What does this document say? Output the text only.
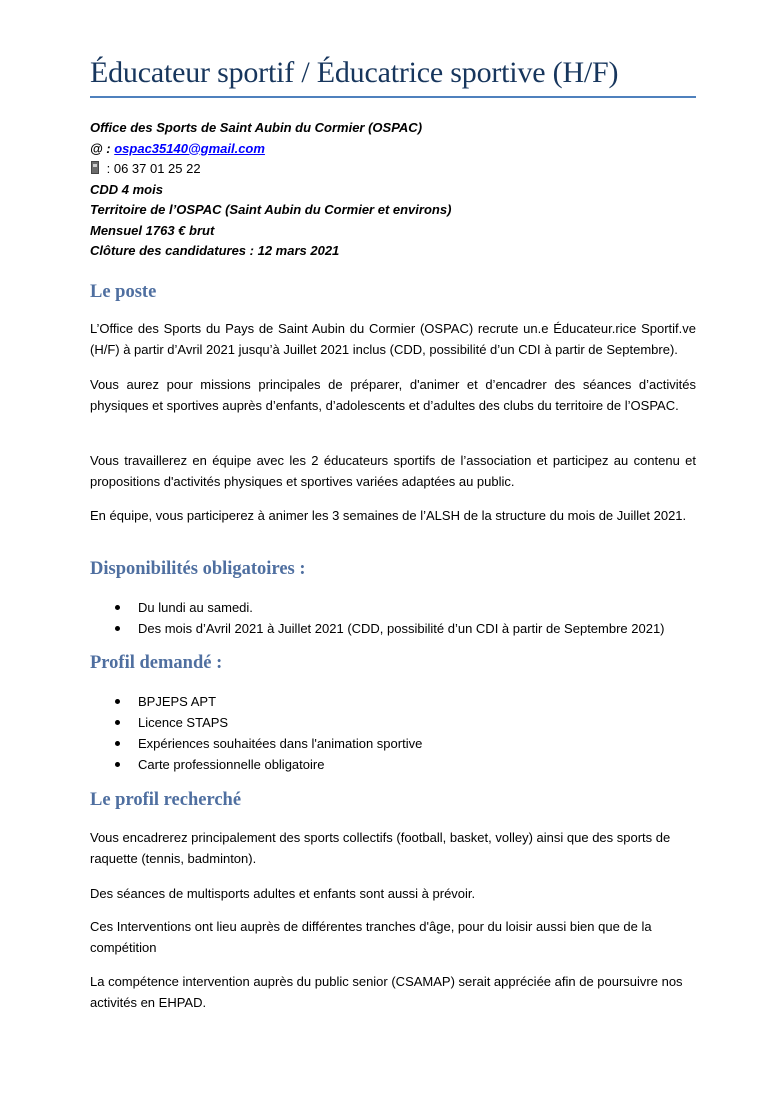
Éducateur sportif / Éducatrice sportive (H/F)
Office des Sports de Saint Aubin du Cormier (OSPAC)
@ : ospac35140@gmail.com
: 06 37 01 25 22
CDD 4 mois
Territoire de l’OSPAC (Saint Aubin du Cormier et environs)
Mensuel 1763 € brut
Clôture des candidatures : 12 mars 2021
Le poste

L’Office des Sports du Pays de Saint Aubin du Cormier (OSPAC) recrute un.e Éducateur.rice Sportif.ve (H/F) à partir d’Avril 2021 jusqu’à Juillet 2021 inclus (CDD, possibilité d’un CDI à partir de Septembre).

Vous aurez pour missions principales de préparer, d'animer et d’encadrer des séances d’activités physiques et sportives auprès d’enfants, d’adolescents et d’adultes des clubs du territoire de l’OSPAC.

Vous travaillerez en équipe avec les 2 éducateurs sportifs de l’association et participez au contenu et propositions d'activités physiques et sportives variées adaptées au public.

En équipe, vous participerez à animer les 3 semaines de l’ALSH de la structure du mois de Juillet 2021.

Disponibilités obligatoires :
Du lundi au samedi.
Des mois d’Avril 2021 à Juillet 2021 (CDD, possibilité d’un CDI à partir de Septembre 2021)
Profil demandé :
BPJEPS APT
Licence STAPS
Expériences souhaitées dans l'animation sportive
Carte professionnelle obligatoire
Le profil recherché

Vous encadrerez principalement des sports collectifs (football, basket, volley) ainsi que des sports de raquette (tennis, badminton).

Des séances de multisports adultes et enfants sont aussi à prévoir.

Ces Interventions ont lieu auprès de différentes tranches d'âge, pour du loisir aussi bien que de la compétition

La compétence intervention auprès du public senior (CSAMAP) serait appréciée afin de poursuivre nos activités en EHPAD.
